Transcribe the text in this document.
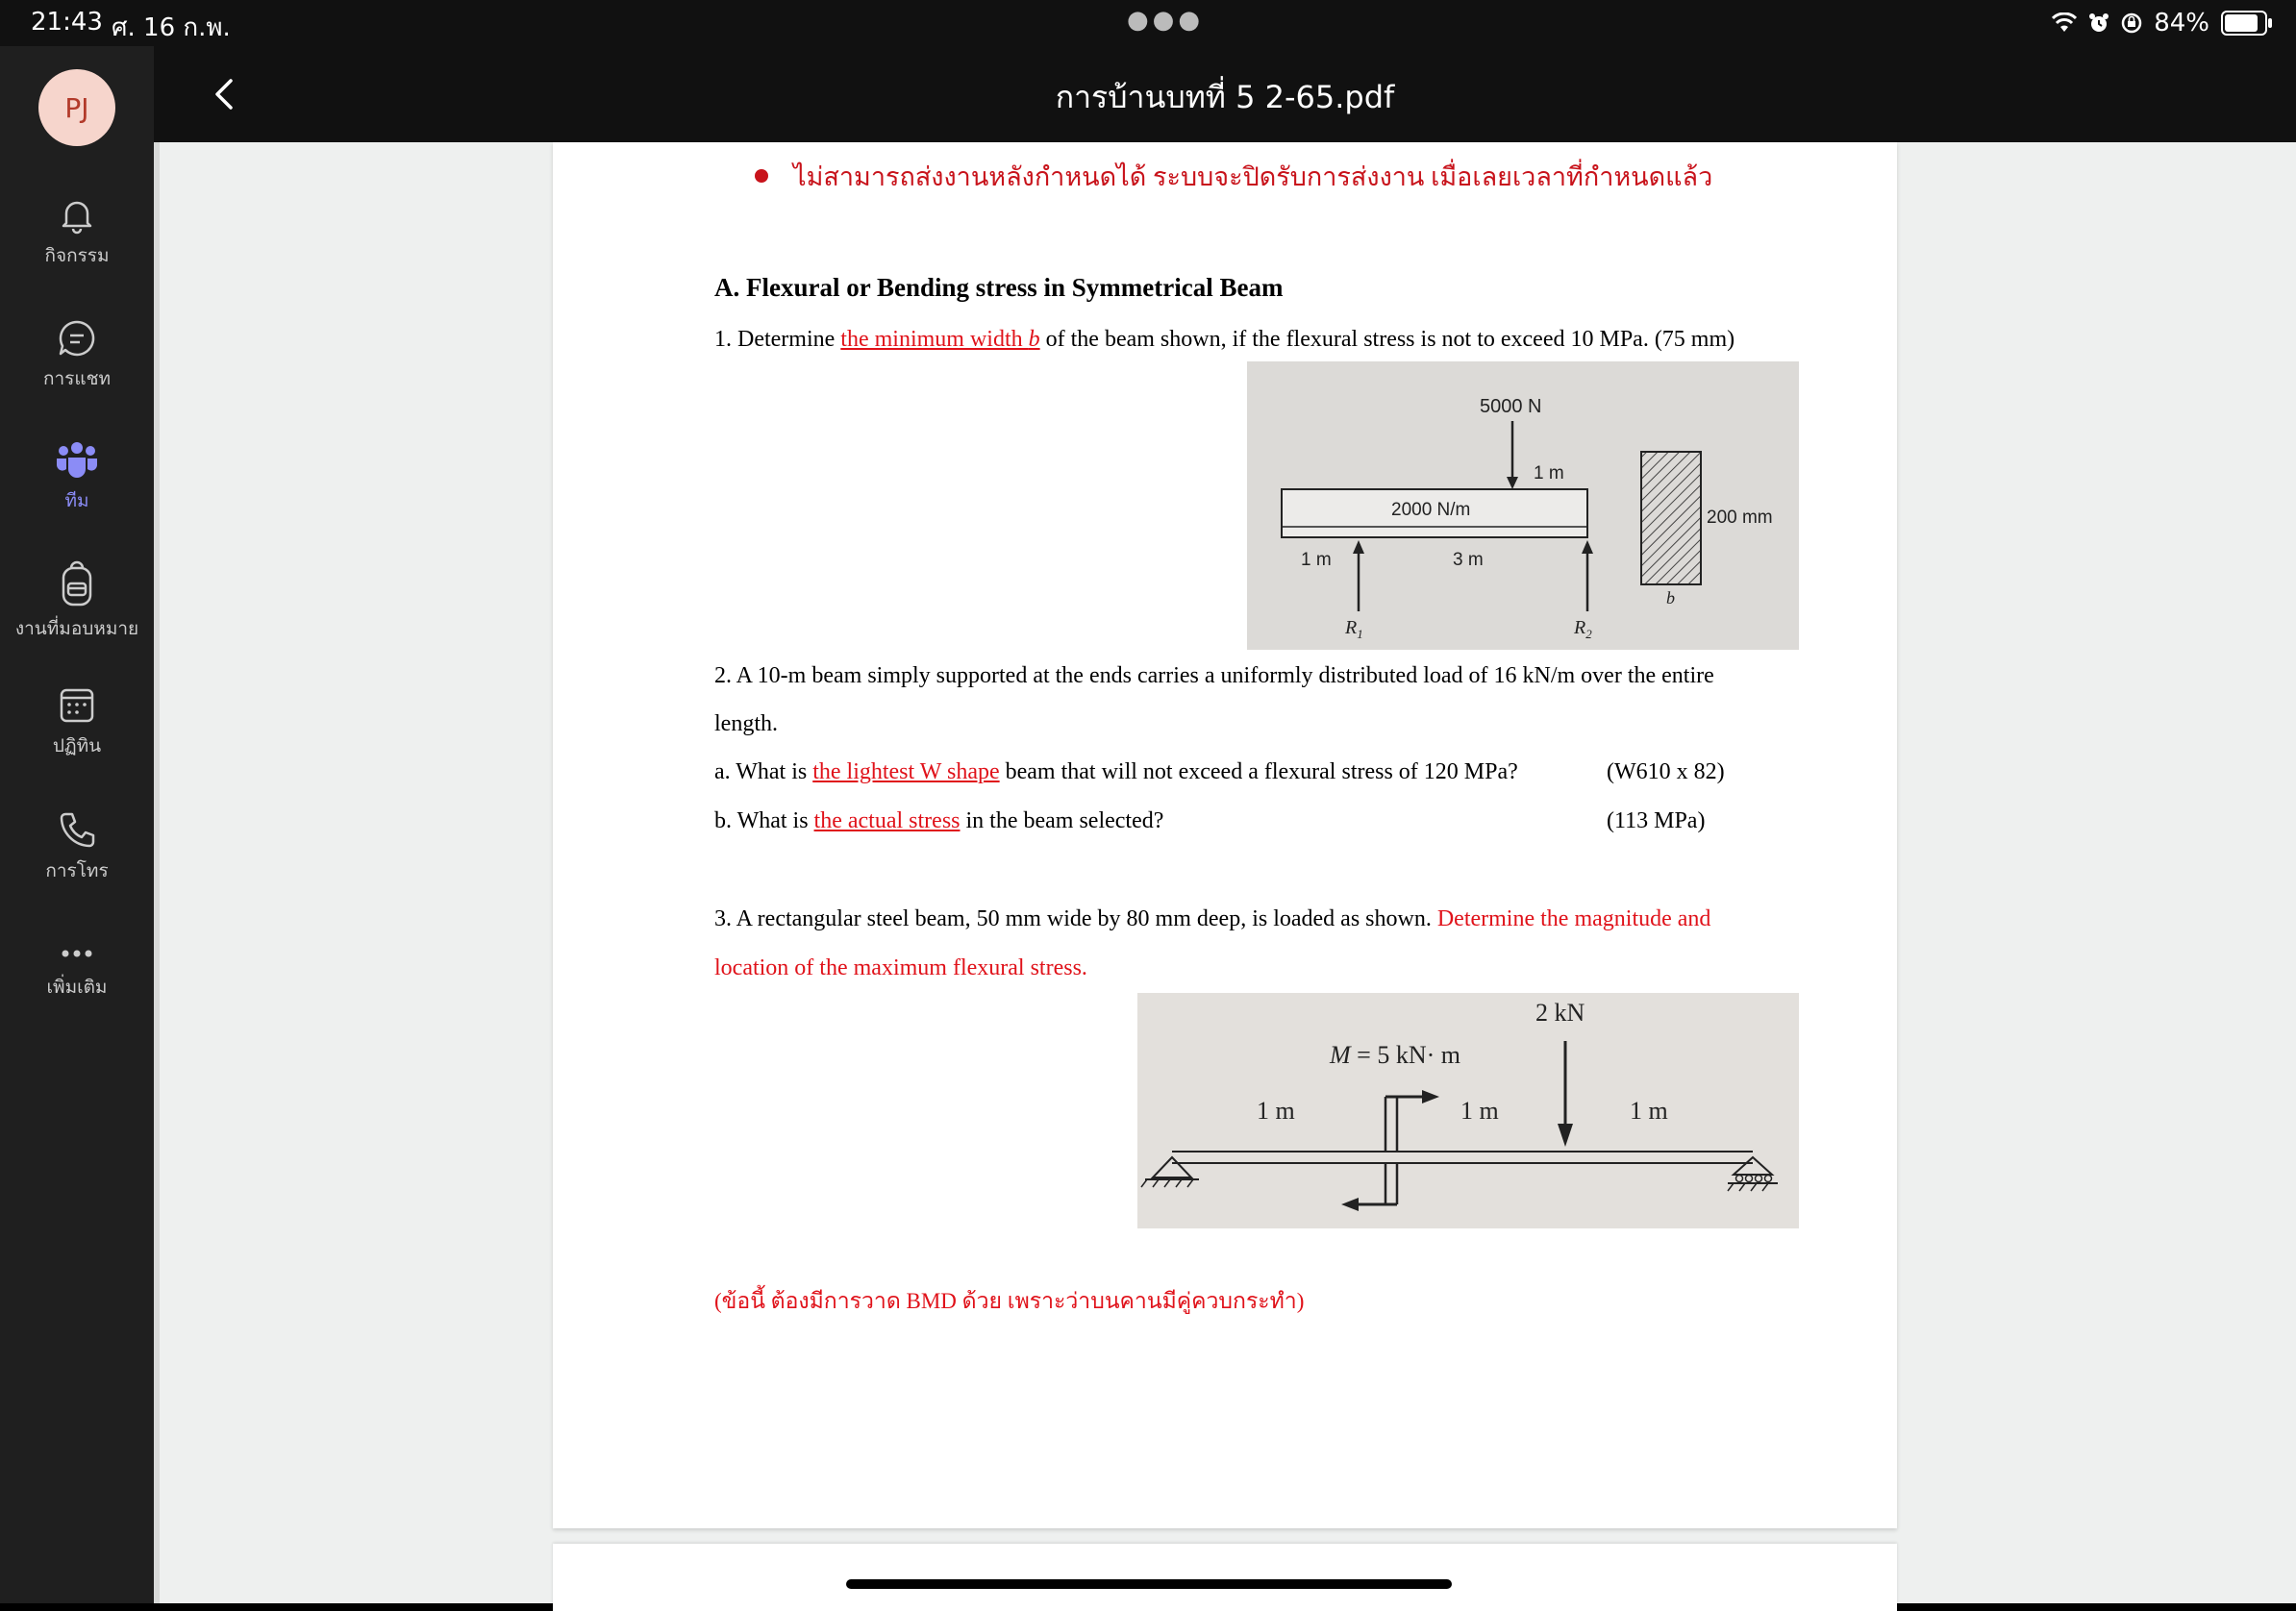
21:43 ศ. 16 ก.พ.	●●●	84%
PJ
กิจกรรม
การแชท
ทีม
งานที่มอบหมาย
ปฏิทิน
การโทร
เพิ่มเติม
การบ้านบทที่ 5 2-65.pdf
ไม่สามารถส่งงานหลังกำหนดได้ ระบบจะปิดรับการส่งงาน เมื่อเลยเวลาที่กำหนดแล้ว
A. Flexural or Bending stress in Symmetrical Beam
1. Determine the minimum width b of the beam shown, if the flexural stress is not to exceed 10 MPa. (75 mm)
5000 N
1 m
2000 N/m	200 mm
1 m	3 m
b
$R_1$	$R_2$
2. A 10-m beam simply supported at the ends carries a uniformly distributed load of 16 kN/m over the entire
length.
a. What is the lightest W shape beam that will not exceed a flexural stress of 120 MPa?	(W610 x 82)
b. What is the actual stress in the beam selected?	(113 MPa)
3. A rectangular steel beam, 50 mm wide by 80 mm deep, is loaded as shown. Determine the magnitude and
location of the maximum flexural stress.
2 kN
M = 5 kN· m
1 m	1 m	1 m
(ข้อนี้ ต้องมีการวาด BMD ด้วย เพราะว่าบนคานมีคู่ควบกระทำ)
